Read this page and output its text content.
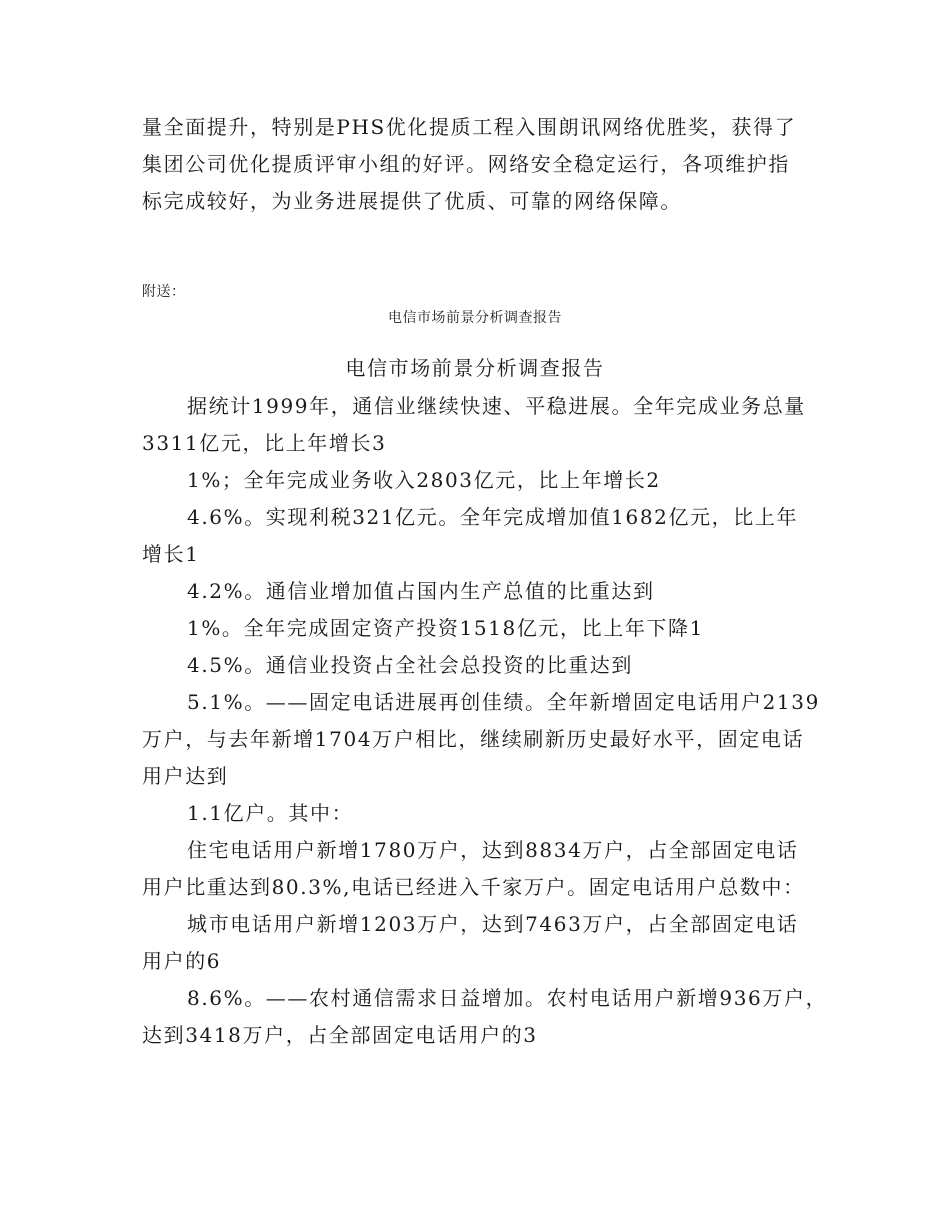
量全面提升，特别是PHS优化提质工程入围朗讯网络优胜奖，获得了
集团公司优化提质评审小组的好评。网络安全稳定运行，各项维护指
标完成较好，为业务进展提供了优质、可靠的网络保障。
附送：
电信市场前景分析调查报告
电信市场前景分析调查报告
据统计1999年，通信业继续快速、平稳进展。全年完成业务总量
3311亿元，比上年增长3
1%；全年完成业务收入2803亿元，比上年增长2
4.6%。实现利税321亿元。全年完成增加值1682亿元，比上年
增长1
4.2%。通信业增加值占国内生产总值的比重达到
1%。全年完成固定资产投资1518亿元，比上年下降1
4.5%。通信业投资占全社会总投资的比重达到
5.1%。——固定电话进展再创佳绩。全年新增固定电话用户2139
万户，与去年新增1704万户相比，继续刷新历史最好水平，固定电话
用户达到
1.1亿户。其中：
住宅电话用户新增1780万户，达到8834万户，占全部固定电话
用户比重达到80.3%,电话已经进入千家万户。固定电话用户总数中：
城市电话用户新增1203万户，达到7463万户，占全部固定电话
用户的6
8.6%。——农村通信需求日益增加。农村电话用户新增936万户，
达到3418万户，占全部固定电话用户的3
